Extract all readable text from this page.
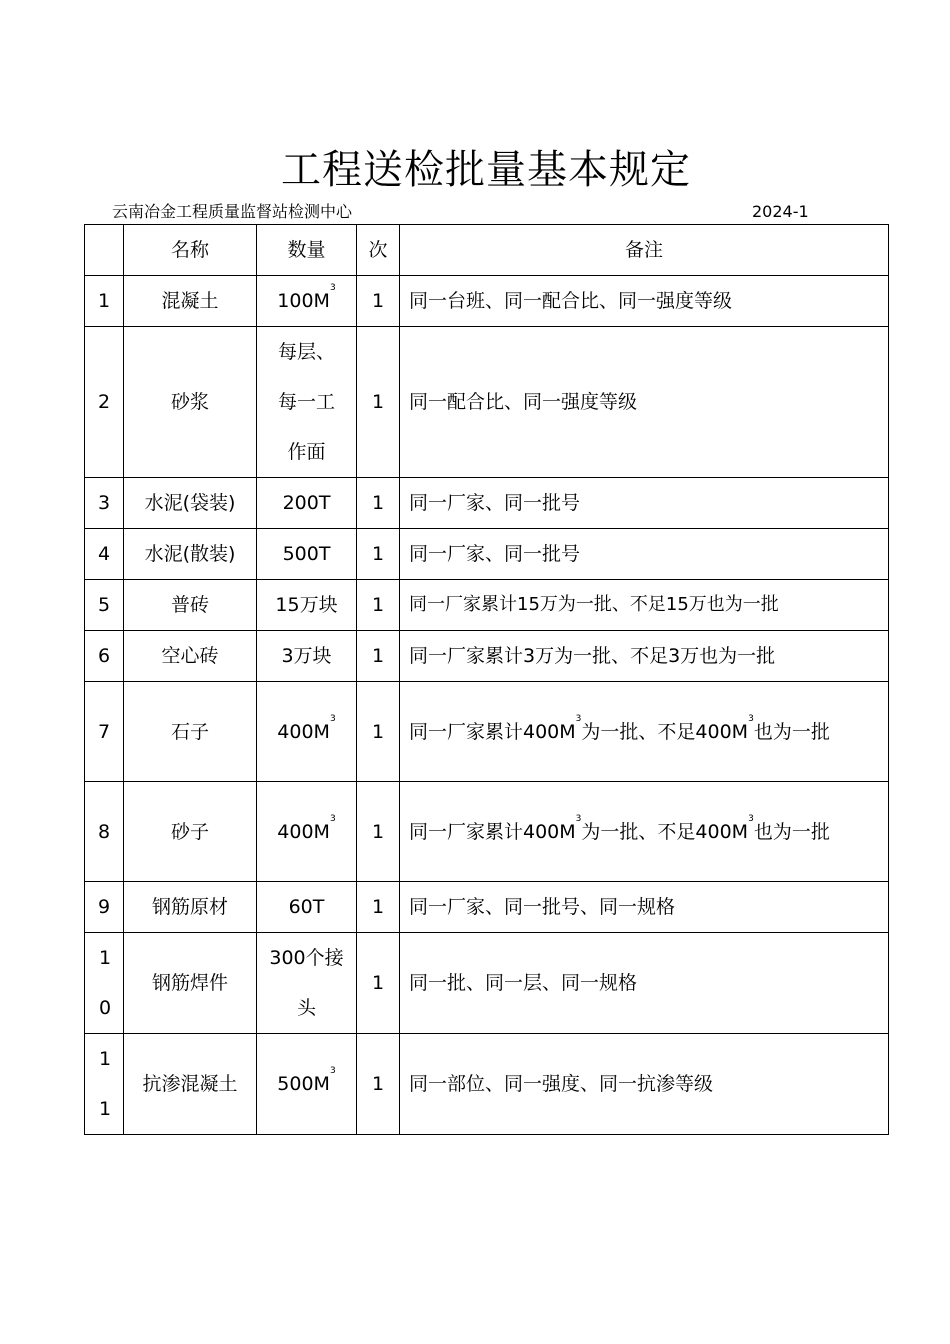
工程送检批量基本规定
云南冶金工程质量监督站检测中心	2024-1
	名称	数量	次	备注
1	混凝土	$100M^3$	1	同一台班、同一配合比、同一强度等级
2	砂浆	每层、每一工作面	1	同一配合比、同一强度等级
3	水泥(袋装)	200T	1	同一厂家、同一批号
4	水泥(散装)	500T	1	同一厂家、同一批号
5	普砖	15万块	1	同一厂家累计15万为一批、不足15万也为一批
6	空心砖	3万块	1	同一厂家累计3万为一批、不足3万也为一批
7	石子	$400M^3$	1	同一厂家累计$400M^3$为一批、不足$400M^3$也为一批
8	砂子	$400M^3$	1	同一厂家累计$400M^3$为一批、不足$400M^3$也为一批
9	钢筋原材	60T	1	同一厂家、同一批号、同一规格
10	钢筋焊件	300个接头	1	同一批、同一层、同一规格
11	抗渗混凝土	$500M^3$	1	同一部位、同一强度、同一抗渗等级
